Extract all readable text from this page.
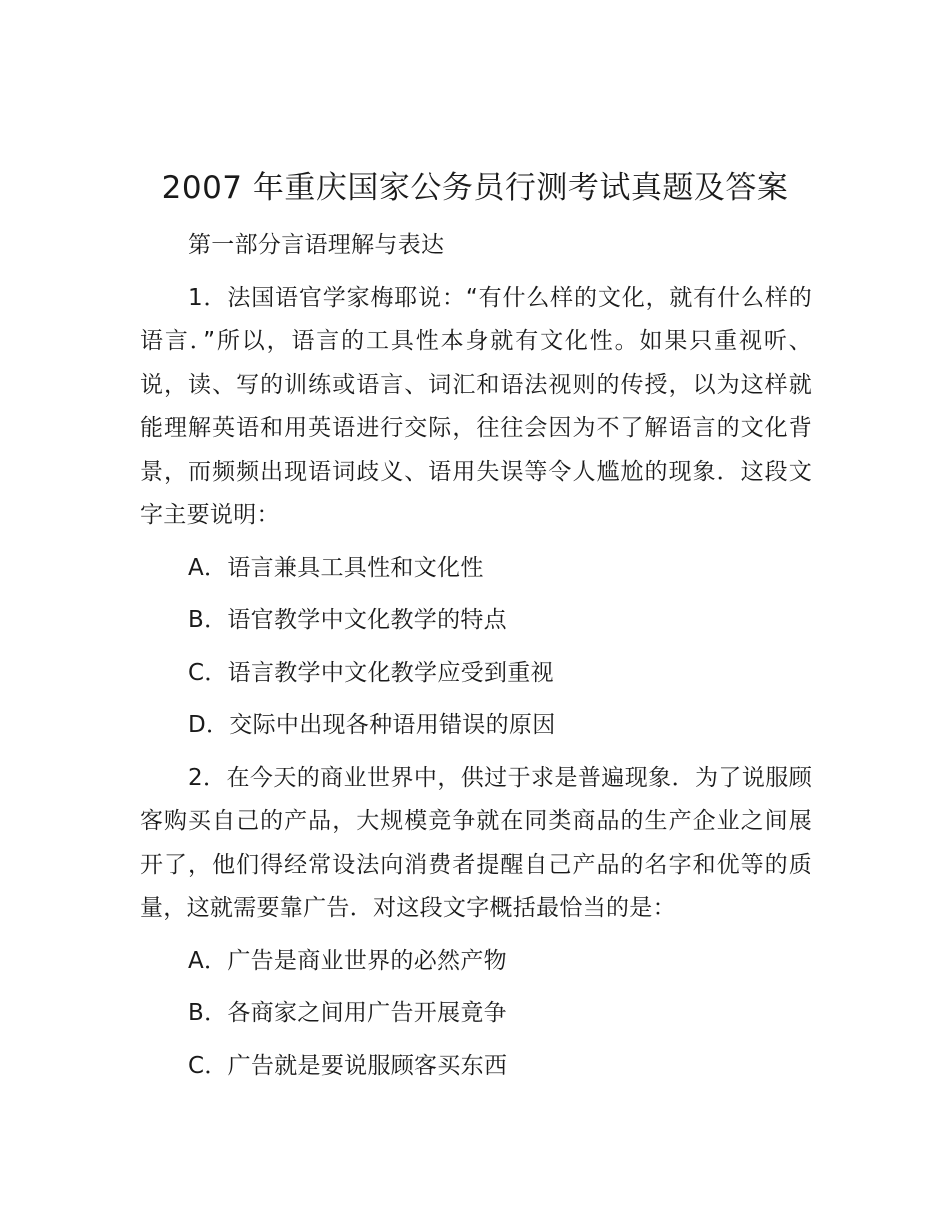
2007 年重庆国家公务员行测考试真题及答案

第一部分言语理解与表达

1．法国语官学家梅耶说：“有什么样的文化，就有什么样的语言．”所以，语言的工具性本身就有文化性。如果只重视听、说，读、写的训练或语言、词汇和语法视则的传授，以为这样就能理解英语和用英语进行交际，往往会因为不了解语言的文化背景，而频频出现语词歧义、语用失误等令人尴尬的现象．这段文字主要说明：

A．语言兼具工具性和文化性

B．语官教学中文化教学的特点

C．语言教学中文化教学应受到重视

D．交际中出现各种语用错误的原因

2．在今天的商业世界中，供过于求是普遍现象．为了说服顾客购买自己的产品，大规模竞争就在同类商品的生产企业之间展开了，他们得经常设法向消费者提醒自己产品的名字和优等的质量，这就需要靠广告．对这段文字概括最恰当的是：

A．广告是商业世界的必然产物

B．各商家之间用广告开展竟争

C．广告就是要说服顾客买东西
